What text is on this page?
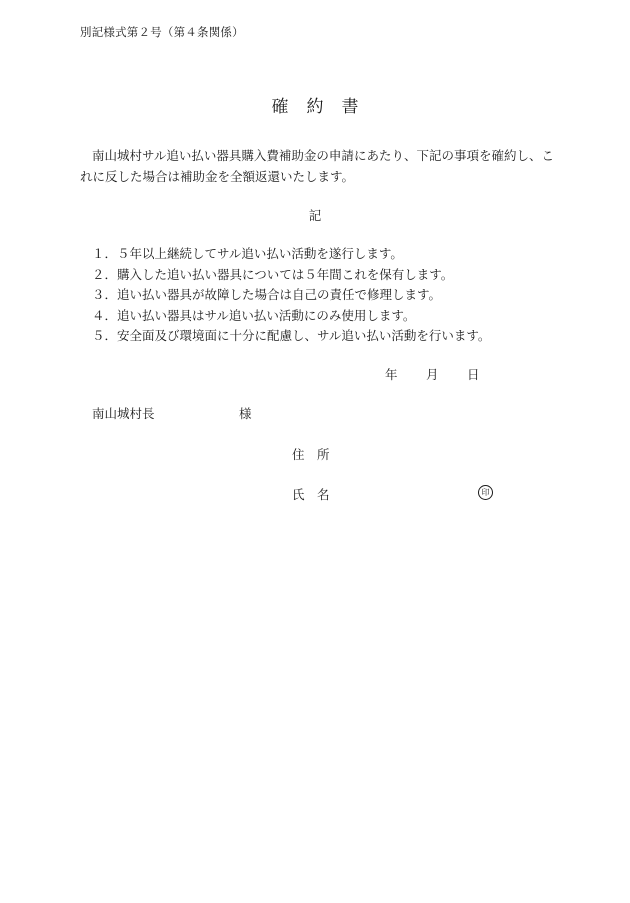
別記様式第２号（第４条関係）
確 約 書

南山城村サル追い払い器具購入費補助金の申請にあたり、下記の事項を確約し、これに反した場合は補助金を全額返還いたします。

記
１．５年以上継続してサル追い払い活動を遂行します。
２．購入した追い払い器具については５年間これを保有します。
３．追い払い器具が故障した場合は自己の責任で修理します。
４．追い払い器具はサル追い払い活動にのみ使用します。
５．安全面及び環境面に十分に配慮し、サル追い払い活動を行います。
年 月 日
南山城村長	様
住　所
氏　名	印
